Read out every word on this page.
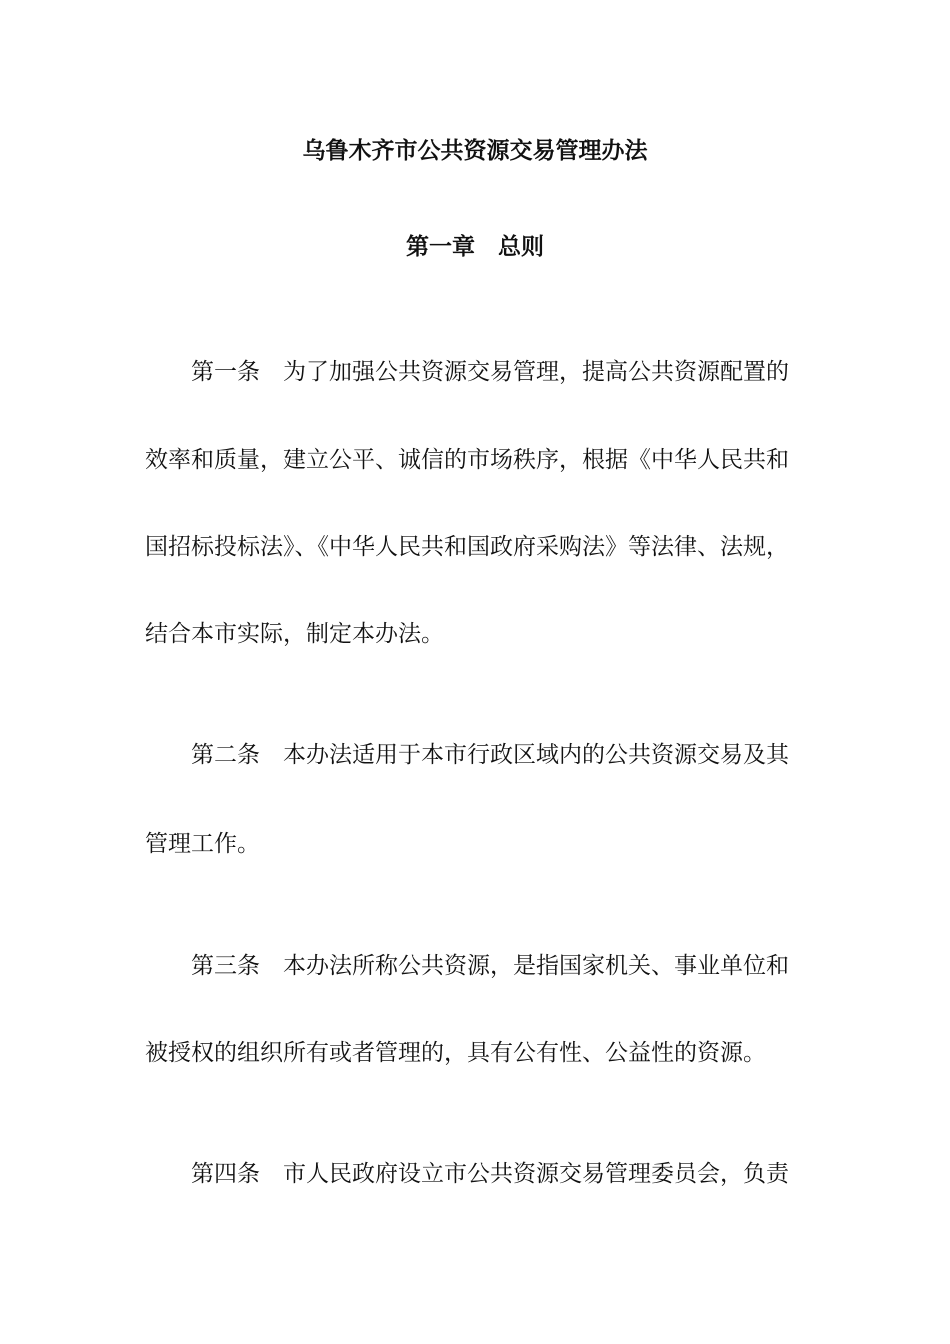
乌鲁木齐市公共资源交易管理办法
第一章　总则

第一条　为了加强公共资源交易管理，提高公共资源配置的

效率和质量，建立公平、诚信的市场秩序，根据《中华人民共和

国招标投标法》、《中华人民共和国政府采购法》等法律、法规，

结合本市实际，制定本办法。

第二条　本办法适用于本市行政区域内的公共资源交易及其

管理工作。

第三条　本办法所称公共资源，是指国家机关、事业单位和

被授权的组织所有或者管理的，具有公有性、公益性的资源。

第四条　市人民政府设立市公共资源交易管理委员会，负责
